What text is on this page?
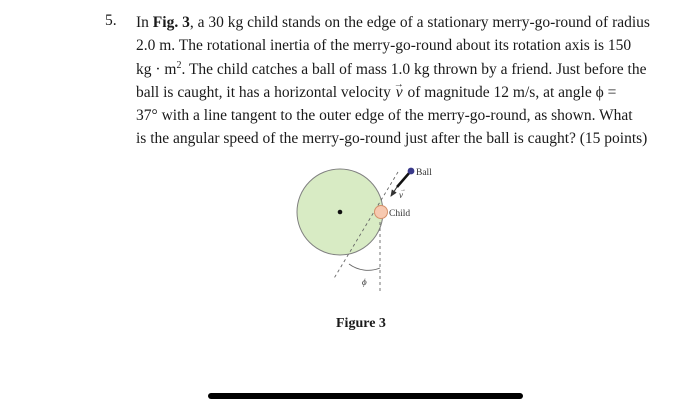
5. In Fig. 3, a 30 kg child stands on the edge of a stationary merry-go-round of radius
2.0 m. The rotational inertia of the merry-go-round about its rotation axis is 150
kg · $m^2$. The child catches a ball of mass 1.0 kg thrown by a friend. Just before the
ball is caught, it has a horizontal velocity → v of magnitude 12 m/s, at angle ϕ =
37° with a line tangent to the outer edge of the merry-go-round, as shown. What
is the angular speed of the merry-go-round just after the ball is caught? (15 points)
Ball
Child
v
→
ϕ
Figure 3
